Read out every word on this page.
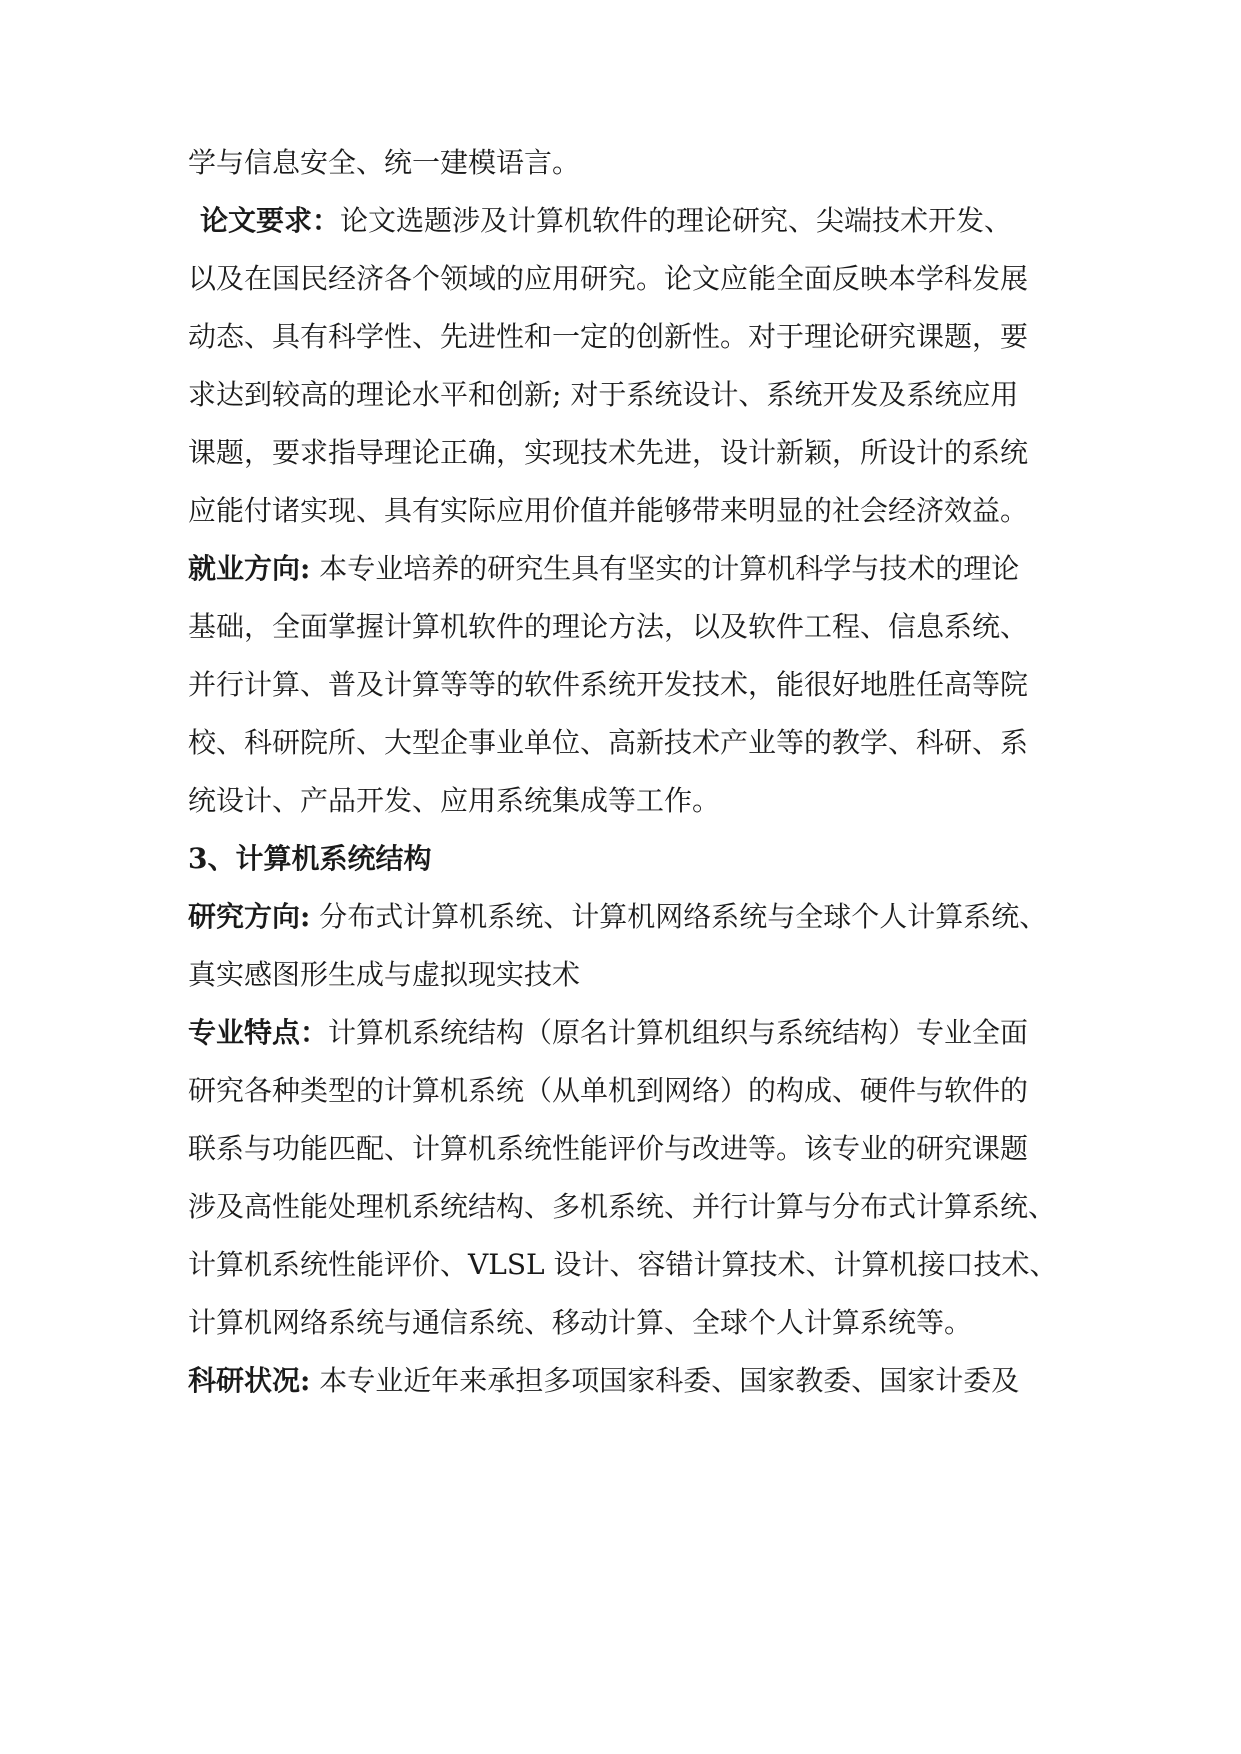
学与信息安全、统一建模语言。
论文要求：论文选题涉及计算机软件的理论研究、尖端技术开发、
以及在国民经济各个领域的应用研究。论文应能全面反映本学科发展
动态、具有科学性、先进性和一定的创新性。对于理论研究课题，要
求达到较高的理论水平和创新; 对于系统设计、系统开发及系统应用
课题，要求指导理论正确，实现技术先进，设计新颖，所设计的系统
应能付诸实现、具有实际应用价值并能够带来明显的社会经济效益。
就业方向: 本专业培养的研究生具有坚实的计算机科学与技术的理论
基础，全面掌握计算机软件的理论方法，以及软件工程、信息系统、
并行计算、普及计算等等的软件系统开发技术，能很好地胜任高等院
校、科研院所、大型企事业单位、高新技术产业等的教学、科研、系
统设计、产品开发、应用系统集成等工作。
3、计算机系统结构
研究方向: 分布式计算机系统、计算机网络系统与全球个人计算系统、
真实感图形生成与虚拟现实技术
专业特点：计算机系统结构（原名计算机组织与系统结构）专业全面
研究各种类型的计算机系统（从单机到网络）的构成、硬件与软件的
联系与功能匹配、计算机系统性能评价与改进等。该专业的研究课题
涉及高性能处理机系统结构、多机系统、并行计算与分布式计算系统、
计算机系统性能评价、VLSL 设计、容错计算技术、计算机接口技术、
计算机网络系统与通信系统、移动计算、全球个人计算系统等。
科研状况: 本专业近年来承担多项国家科委、国家教委、国家计委及
